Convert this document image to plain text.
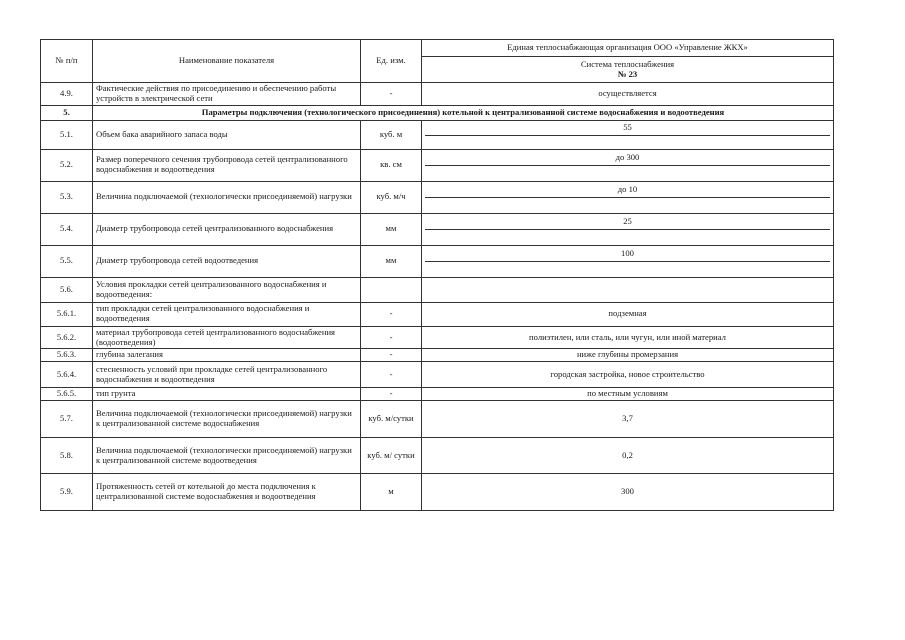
№ п/п	Наименование показателя	Ед. изм.	Единая теплоснабжающая организация ООО «Управление ЖКХ»

			Система теплоснабжения
№ 23

4.9.	Фактические действия по присоединению и обеспечению работы устройств в электрической сети	-	осуществляется
5.	Параметры подключения (технологического присоединения) котельной к централизованной системе водоснабжения и водоотведения		
5.1.	Объем бака аварийного запаса воды	куб. м	55

5.2.	Размер поперечного сечения трубопровода сетей централизованного водоснабжения и водоотведения	кв. см	до 300

5.3.	Величина подключаемой (технологически присоединяемой) нагрузки	куб. м/ч	до 10

5.4.	Диаметр трубопровода сетей централизованного водоснабжения	мм	25

5.5.	Диаметр трубопровода сетей водоотведения	мм	100

5.6.	Условия прокладки сетей централизованного водоснабжения и водоотведения:		
5.6.1.	тип прокладки сетей централизованного водоснабжения и водоотведения	-	подземная
5.6.2.	материал трубопровода сетей централизованного водоснабжения (водоотведения)	-	полиэтилен, или сталь, или чугун, или иной материал
5.6.3.	глубина залегания	-	ниже глубины промерзания
5.6.4.	стесненность условий при прокладке сетей централизованного водоснабжения и водоотведения	-	городская застройка, новое строительство
5.6.5.	тип грунта	-	по местным условиям
5.7.	Величина подключаемой (технологически присоединяемой) нагрузки к централизованной системе водоснабжения	куб. м/сутки	3,7
5.8.	Величина подключаемой (технологически присоединяемой) нагрузки к централизованной системе водоотведения	куб. м/ сутки	0,2
5.9.	Протяженность сетей от котельной до места подключения к централизованной системе водоснабжения и водоотведения	м	300
